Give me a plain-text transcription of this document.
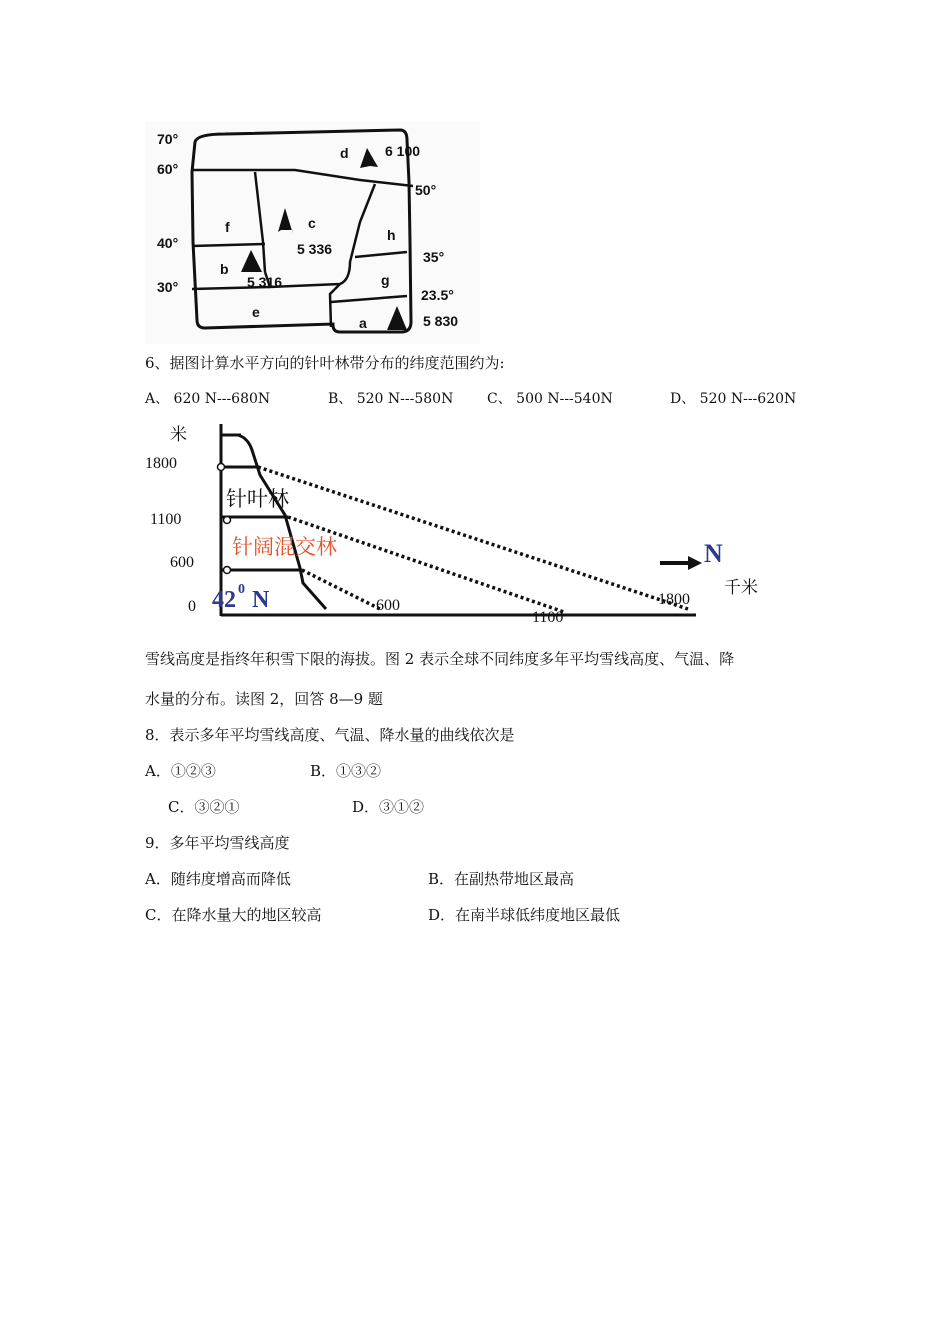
70°
60°
40°
30°
50°
35°
23.5°
d
c
f
b
h
g
e
a
6 100
5 336
5 316
5 830
6、据图计算水平方向的针叶林带分布的纬度范围约为:
A、 620 N---680N	B、 520 N---580N C、 500 N---540N	D、 520 N---620N
米
1800
1100
600
0	600
1100
1800
千米
针叶林
针阔混交林
42 0 N
N
雪线高度是指终年积雪下限的海拔。图 2 表示全球不同纬度多年平均雪线高度、气温、降
水量的分布。读图 2，回答 8—9 题
8．表示多年平均雪线高度、气温、降水量的曲线依次是
A．①②③	B．①③②
C．③②①	D．③①②
9．多年平均雪线高度
A．随纬度增高而降低	B．在副热带地区最高
C．在降水量大的地区较高	D．在南半球低纬度地区最低
